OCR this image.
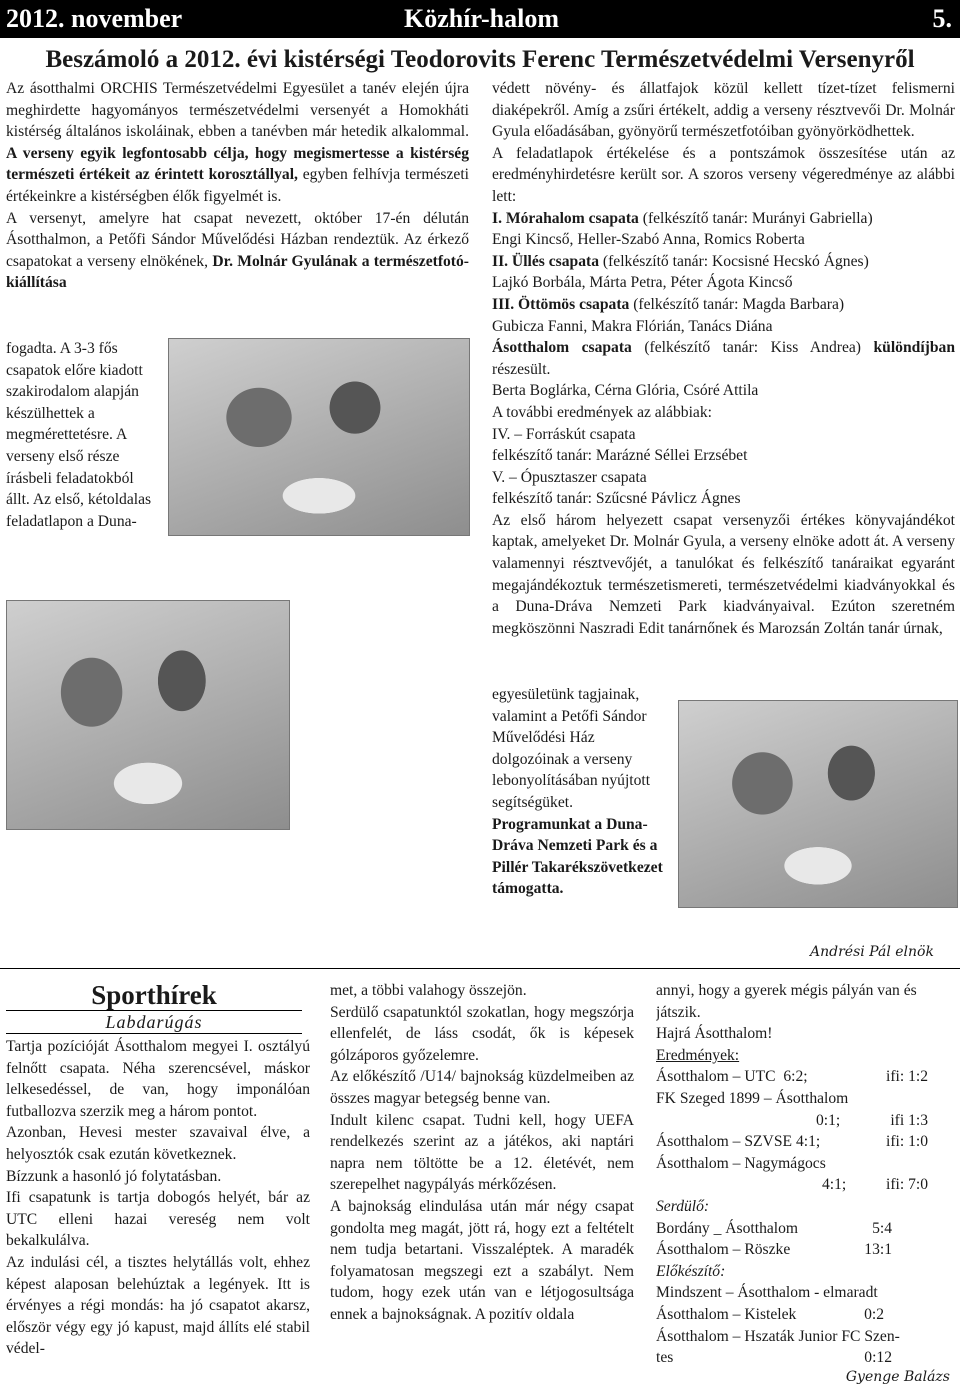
2012. november	Közhír-halom	5.
Beszámoló a 2012. évi kistérségi Teodorovits Ferenc Természetvédelmi Versenyről

Az ásotthalmi ORCHIS Természetvédelmi Egyesület a tanév elején újra meghirdette hagyományos természetvédelmi versenyét a Homokháti kistérség általános iskoláinak, ebben a tanévben már hetedik alkalommal. A verseny egyik legfontosabb célja, hogy megismertesse a kistérség természeti értékeit az érintett korosztállyal, egyben felhívja természeti értékeinkre a kistérségben élők figyelmét is.

A versenyt, amelyre hat csapat nevezett, október 17-én délután Ásotthalmon, a Petőfi Sándor Művelődési Házban rendeztük. Az érkező csapatokat a verseny elnökének, Dr. Molnár Gyulának a természetfotó-kiállítása

fogadta. A 3-3 fős csapatok előre kiadott szakirodalom alapján készülhettek a megmérettetésre. A verseny első része írásbeli feladatokból állt. Az első, kétoldalas feladatlapon a Duna-

védett növény- és állatfajok közül kellett tízet-tízet felismerni diaképekről. Amíg a zsűri értékelt, addig a verseny résztvevői Dr. Molnár Gyula előadásában, gyönyörű természetfotóiban gyönyörködhettek.

A feladatlapok értékelése és a pontszámok összesítése után az eredményhirdetésre került sor. A szoros verseny végeredménye az alábbi lett:

I. Mórahalom csapata (felkészítő tanár: Murányi Gabriella)

Engi Kincső, Heller-Szabó Anna, Romics Roberta

II. Üllés csapata (felkészítő tanár: Kocsisné Hecskó Ágnes)

Lajkó Borbála, Márta Petra, Péter Ágota Kincső

III. Öttömös csapata (felkészítő tanár: Magda Barbara)

Gubicza Fanni, Makra Flórián, Tanács Diána

Ásotthalom csapata (felkészítő tanár: Kiss Andrea) különdíjban részesült.

Berta Boglárka, Cérna Glória, Csóré Attila

A további eredmények az alábbiak:

IV. – Forráskút csapata

felkészítő tanár: Marázné Séllei Erzsébet

V. – Ópusztaszer csapata

felkészítő tanár: Szűcsné Pávlicz Ágnes

Az első három helyezett csapat versenyzői értékes könyvajándékot kaptak, amelyeket Dr. Molnár Gyula, a verseny elnöke adott át. A verseny valamennyi résztvevőjét, a tanulókat és felkészítő tanáraikat egyaránt megajándékoztuk természetismereti, természetvédelmi kiadványokkal és a Duna-Dráva Nemzeti Park kiadványaival. Ezúton szeretném megköszönni Naszradi Edit tanárnőnek és Marozsán Zoltán tanár úrnak,

egyesületünk tagjainak, valamint a Petőfi Sándor Művelődési Ház dolgozóinak a verseny lebonyolításában nyújtott segítségüket.

Programunkat a Duna-Dráva Nemzeti Park és a Pillér Takarékszövetkezet támogatta.

Andrési Pál elnök
Sporthírek
Labdarúgás

Tartja pozícióját Ásotthalom megyei I. osztályú felnőtt csapata. Néha szerencsével, máskor lelkesedéssel, de van, hogy imponálóan futballozva szerzik meg a három pontot.

Azonban, Hevesi mester szavaival élve, a helyosztók csak ezután következnek.

Bízzunk a hasonló jó folytatásban.

Ifi csapatunk is tartja dobogós helyét, bár az UTC elleni hazai vereség nem volt bekalkulálva.

Az indulási cél, a tisztes helytállás volt, ehhez képest alaposan belehúztak a legények. Itt is érvényes a régi mondás: ha jó csapatot akarsz, először végy egy jó kapust, majd állíts elé stabil védel-

met, a többi valahogy összejön.

Serdülő csapatunktól szokatlan, hogy megszórja ellenfelét, de láss csodát, ők is képesek gólzáporos győzelemre.

Az előkészítő /U14/ bajnokság küzdelmeiben az összes magyar betegség benne van.

Indult kilenc csapat. Tudni kell, hogy UEFA rendelkezés szerint az a játékos, aki naptári napra nem töltötte be a 12. életévét, nem szerepelhet nagypályás mérkőzésen.

A bajnokság elindulása után már négy csapat gondolta meg magát, jött rá, hogy ezt a feltételt nem tudja betartani. Visszaléptek. A maradék folyamatosan megszegi ezt a szabályt. Nem tudom, hogy ezek után van e létjogosultsága ennek a bajnokságnak. A pozitív oldala

annyi, hogy a gyerek mégis pályán van és játszik.

Hajrá Ásotthalom!

Eredmények:

Ásotthalom – UTC 6:2;	ifi: 1:2
FK Szeged 1899 – Ásotthalom
0:1;	ifi 1:3
Ásotthalom – SZVSE 4:1;	ifi: 1:0
Ásotthalom – Nagymágocs
4:1;	ifi: 7:0

Serdülő:

Bordány _ Ásotthalom	5:4
Ásotthalom – Röszke	13:1

Előkészítő:

Mindszent – Ásotthalom - elmaradt
Ásotthalom – Kistelek	0:2
Ásotthalom – Hszaták Junior FC Szen-
tes	0:12
Gyenge Balázs
